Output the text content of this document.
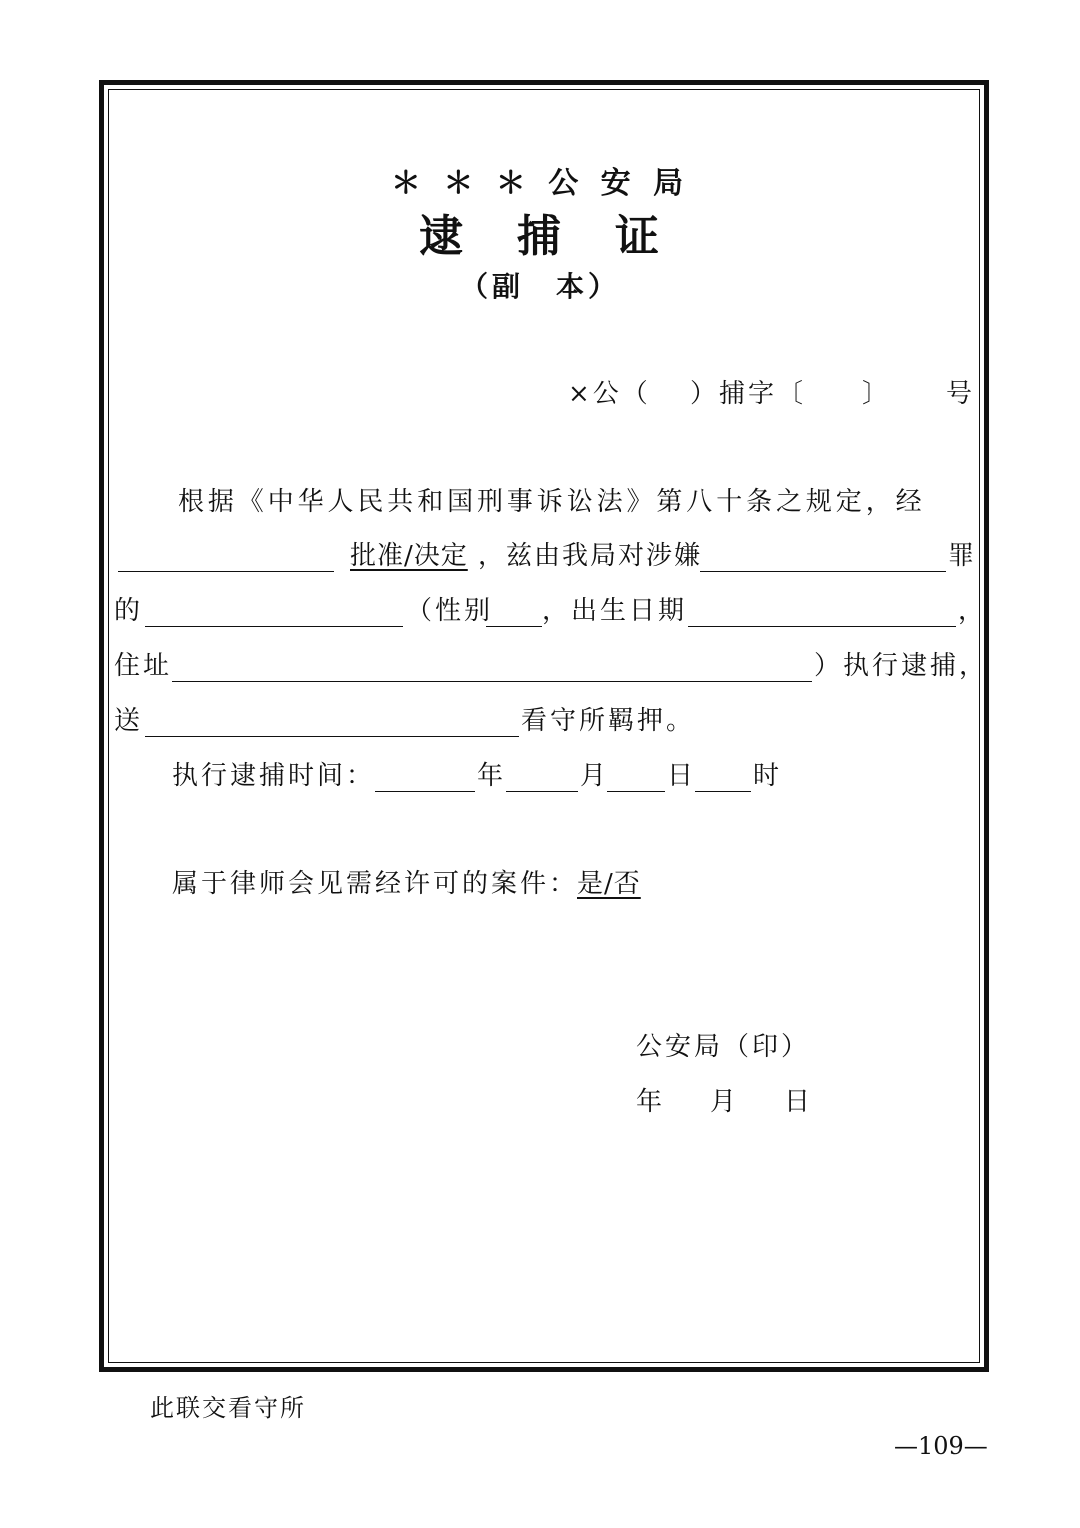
＊ ＊ ＊ 公 安 局
逮 捕 证
（副　本）
×公（ ）捕字〔 〕 号
根据《中华人民共和国刑事诉讼法》第八十条之规定，经
批准/决定 ，兹由我局对涉嫌	罪
的	（性别 ，出生日期	，
住址	）执行逮捕，
送	看守所羁押。
执行逮捕时间：	年	月 日 时
属于律师会见需经许可的案件：
是/否
公安局（印）
年 月 日
此联交看守所
—109—
